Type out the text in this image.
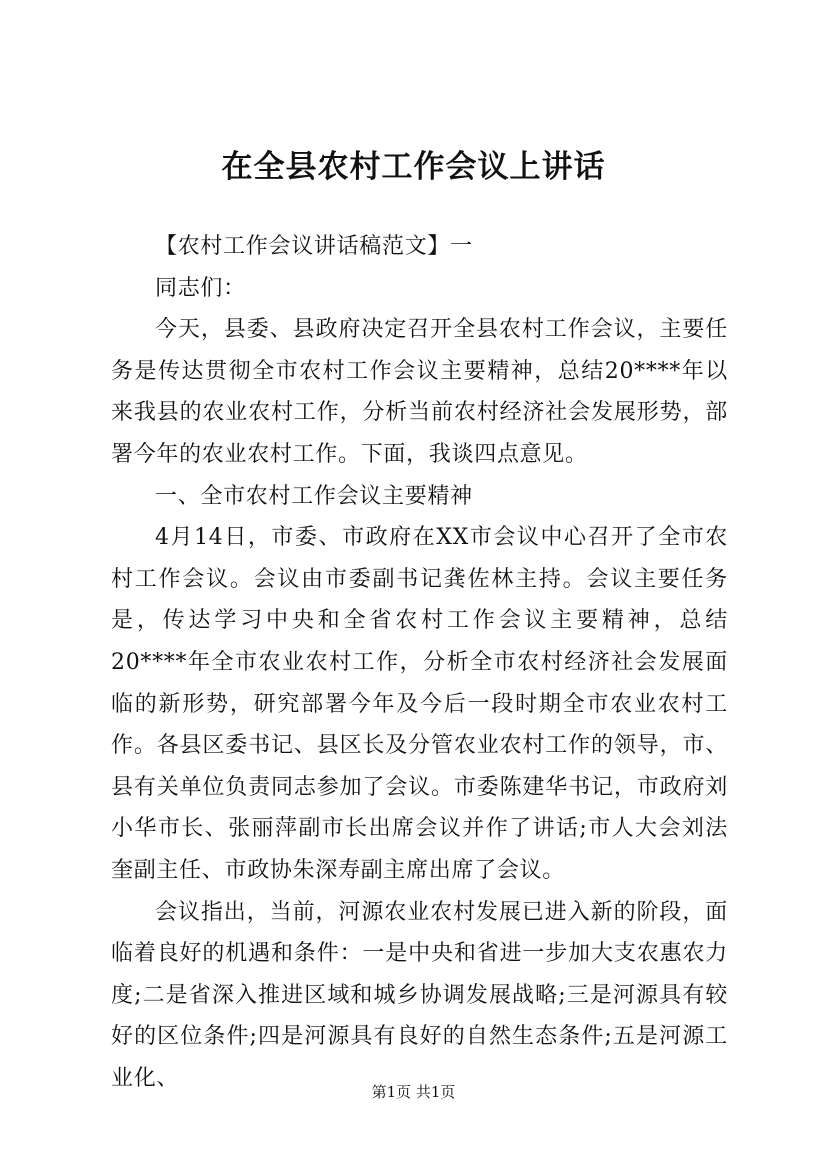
在全县农村工作会议上讲话

【农村工作会议讲话稿范文】一

同志们：

今天，县委、县政府决定召开全县农村工作会议，主要任务是传达贯彻全市农村工作会议主要精神，总结20****年以来我县的农业农村工作，分析当前农村经济社会发展形势，部署今年的农业农村工作。下面，我谈四点意见。

一、全市农村工作会议主要精神

4月14日，市委、市政府在XX市会议中心召开了全市农村工作会议。会议由市委副书记龚佐林主持。会议主要任务是，传达学习中央和全省农村工作会议主要精神，总结20****年全市农业农村工作，分析全市农村经济社会发展面临的新形势，研究部署今年及今后一段时期全市农业农村工作。各县区委书记、县区长及分管农业农村工作的领导，市、县有关单位负责同志参加了会议。市委陈建华书记，市政府刘小华市长、张丽萍副市长出席会议并作了讲话;市人大会刘法奎副主任、市政协朱深寿副主席出席了会议。

会议指出，当前，河源农业农村发展已进入新的阶段，面临着良好的机遇和条件：一是中央和省进一步加大支农惠农力度;二是省深入推进区域和城乡协调发展战略;三是河源具有较好的区位条件;四是河源具有良好的自然生态条件;五是河源工业化、

第1页 共1页
